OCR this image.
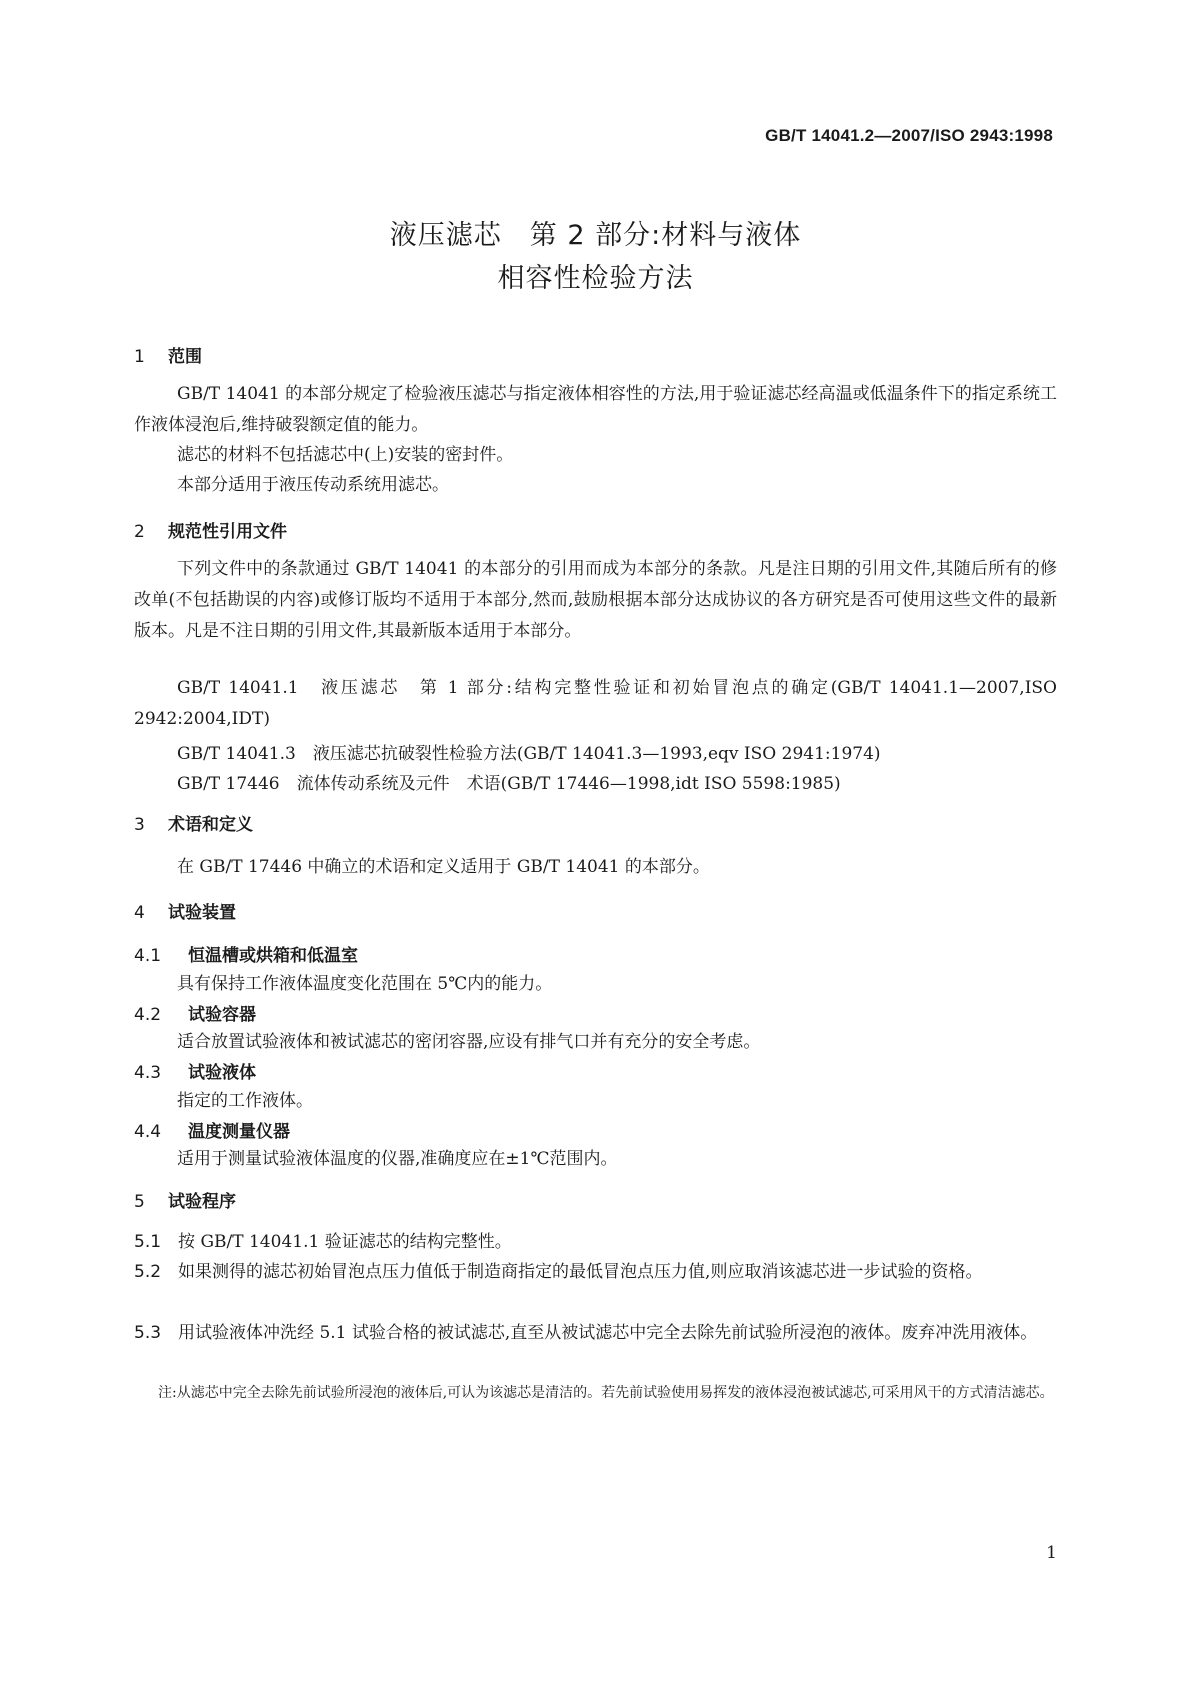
GB/T 14041.2—2007/ISO 2943:1998
液压滤芯　第 2 部分:材料与液体
相容性检验方法
1 范围
GB/T 14041 的本部分规定了检验液压滤芯与指定液体相容性的方法,用于验证滤芯经高温或低温条件下的指定系统工作液体浸泡后,维持破裂额定值的能力。
滤芯的材料不包括滤芯中(上)安装的密封件。
本部分适用于液压传动系统用滤芯。
2 规范性引用文件
下列文件中的条款通过 GB/T 14041 的本部分的引用而成为本部分的条款。凡是注日期的引用文件,其随后所有的修改单(不包括勘误的内容)或修订版均不适用于本部分,然而,鼓励根据本部分达成协议的各方研究是否可使用这些文件的最新版本。凡是不注日期的引用文件,其最新版本适用于本部分。
GB/T 14041.1　液压滤芯　第 1 部分:结构完整性验证和初始冒泡点的确定(GB/T 14041.1—2007,ISO 2942:2004,IDT)
GB/T 14041.3　液压滤芯抗破裂性检验方法(GB/T 14041.3—1993,eqv ISO 2941:1974)
GB/T 17446　流体传动系统及元件　术语(GB/T 17446—1998,idt ISO 5598:1985)
3 术语和定义
在 GB/T 17446 中确立的术语和定义适用于 GB/T 14041 的本部分。
4 试验装置
4.1 恒温槽或烘箱和低温室
具有保持工作液体温度变化范围在 5℃内的能力。
4.2 试验容器
适合放置试验液体和被试滤芯的密闭容器,应设有排气口并有充分的安全考虑。
4.3 试验液体
指定的工作液体。
4.4 温度测量仪器
适用于测量试验液体温度的仪器,准确度应在±1℃范围内。
5 试验程序
5.1　 按 GB/T 14041.1 验证滤芯的结构完整性。
5.2　 如果测得的滤芯初始冒泡点压力值低于制造商指定的最低冒泡点压力值,则应取消该滤芯进一步试验的资格。
5.3　 用试验液体冲洗经 5.1 试验合格的被试滤芯,直至从被试滤芯中完全去除先前试验所浸泡的液体。废弃冲洗用液体。
注:从滤芯中完全去除先前试验所浸泡的液体后,可认为该滤芯是清洁的。若先前试验使用易挥发的液体浸泡被试滤芯,可采用风干的方式清洁滤芯。
1
